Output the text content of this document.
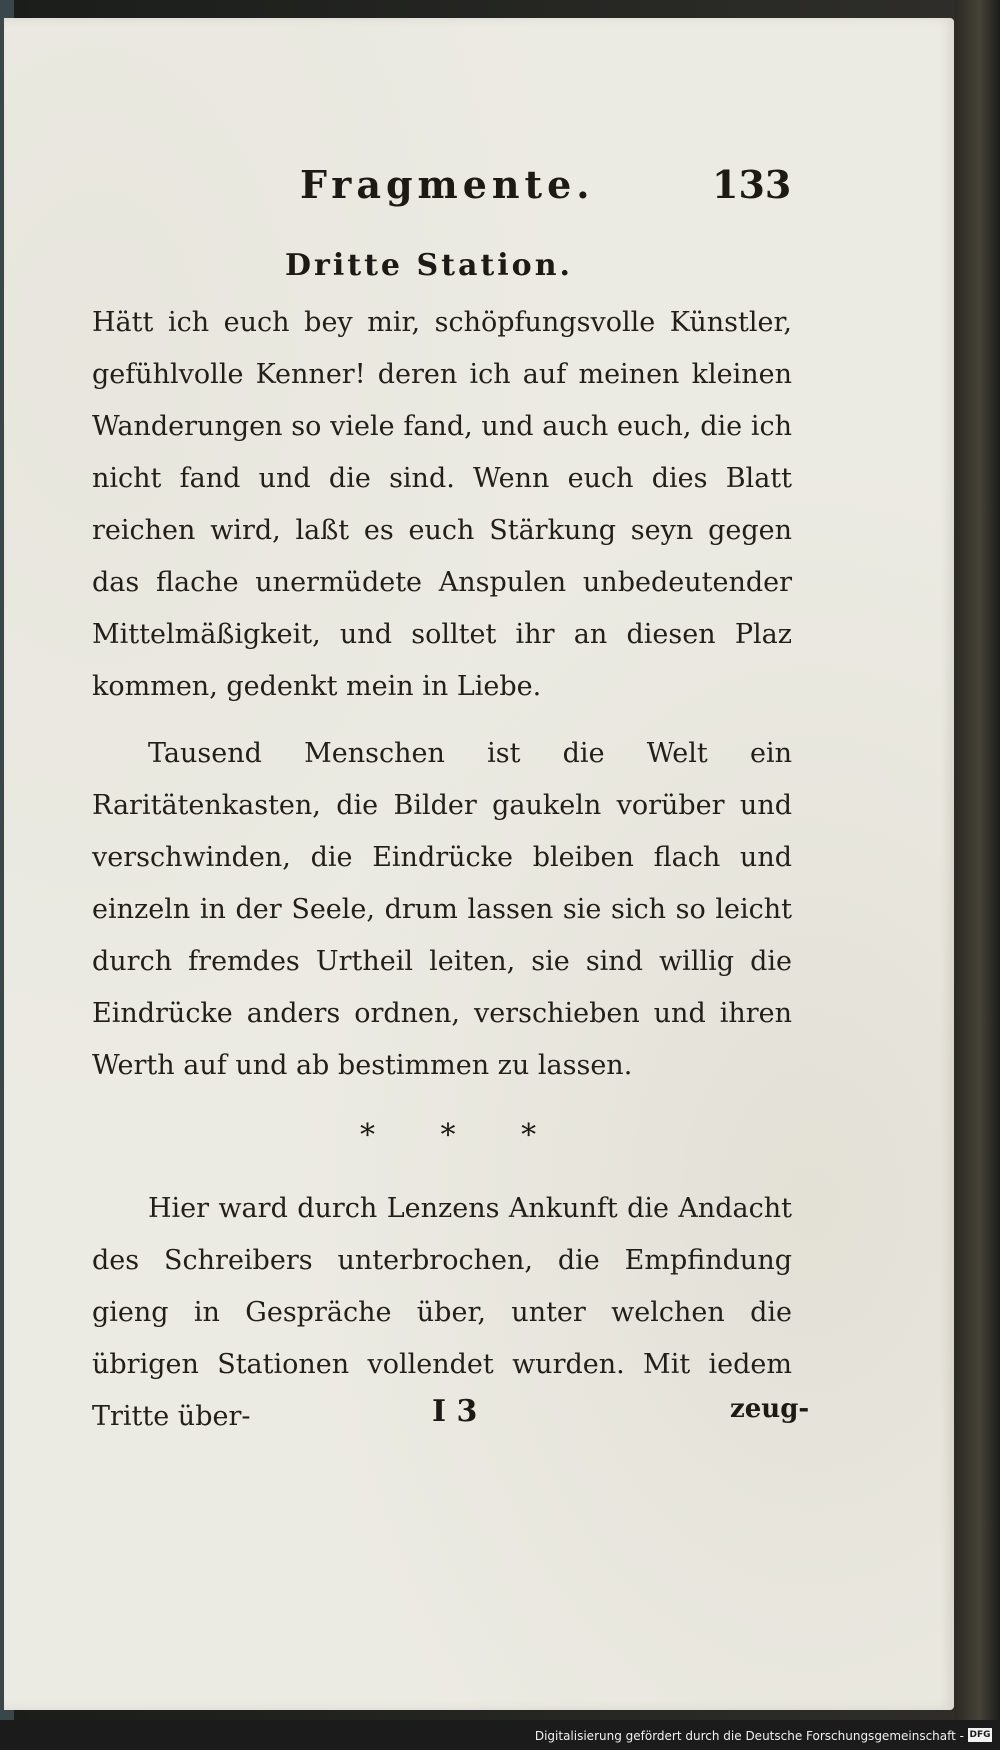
Fragmente.	133
Dritte Station.
Hätt ich euch bey mir, schöpfungsvolle Künstler, gefühlvolle Kenner! deren ich auf meinen kleinen Wanderungen so viele fand, und auch euch, die ich nicht fand und die sind. Wenn euch dies Blatt reichen wird, laßt es euch Stärkung seyn gegen das flache unermüdete Anspulen unbedeutender Mittelmäßigkeit, und solltet ihr an diesen Plaz kommen, gedenkt mein in Liebe.
Tausend Menschen ist die Welt ein Raritätenkasten, die Bilder gaukeln vorüber und verschwinden, die Eindrücke bleiben flach und einzeln in der Seele, drum lassen sie sich so leicht durch fremdes Urtheil leiten, sie sind willig die Eindrücke anders ordnen, verschieben und ihren Werth auf und ab bestimmen zu lassen.
* * *
Hier ward durch Lenzens Ankunft die Andacht des Schreibers unterbrochen, die Empfindung gieng in Gespräche über, unter welchen die übrigen Stationen vollendet wurden. Mit iedem Tritte über-	I 3	zeug-
Digitalisierung gefördert durch die Deutsche Forschungsgemeinschaft - DFG
